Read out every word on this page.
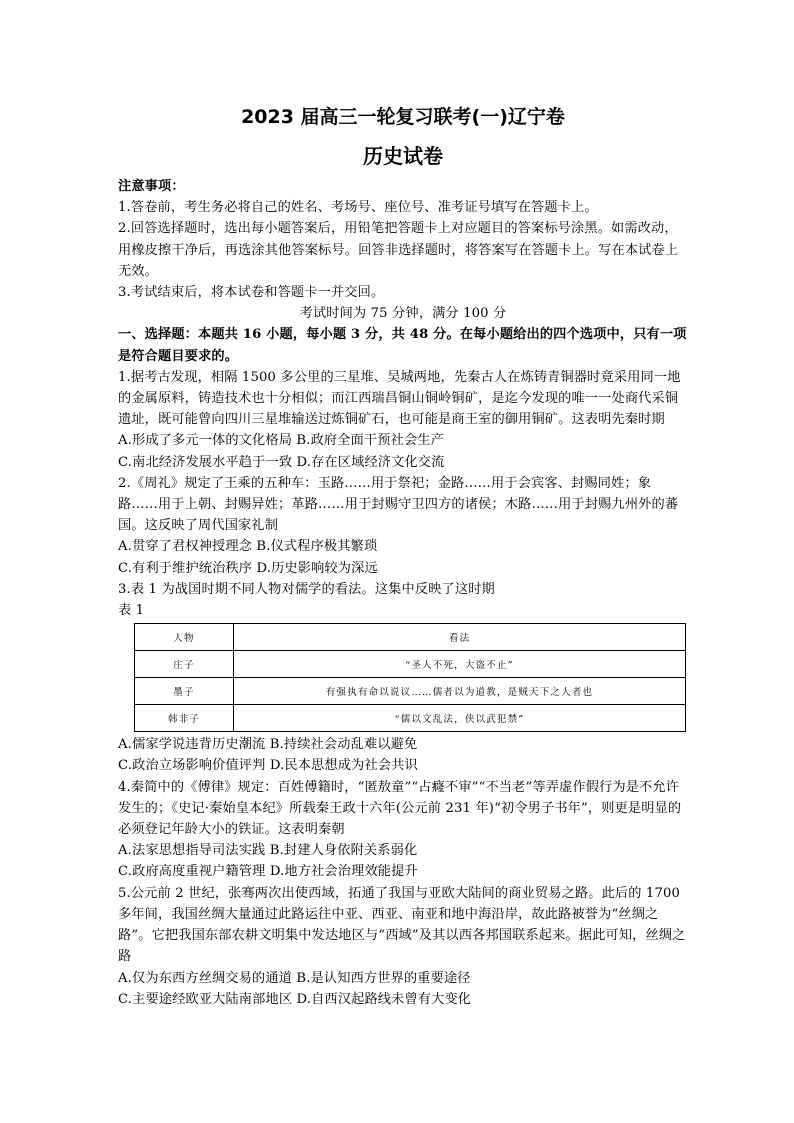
2023 届高三一轮复习联考(一)辽宁卷
历史试卷

注意事项：

1.答卷前，考生务必将自己的姓名、考场号、座位号、准考证号填写在答题卡上。

2.回答选择题时，选出每小题答案后，用铅笔把答题卡上对应题目的答案标号涂黑。如需改动，用橡皮擦干净后，再选涂其他答案标号。回答非选择题时，将答案写在答题卡上。写在本试卷上无效。

3.考试结束后，将本试卷和答题卡一并交回。

考试时间为 75 分钟，满分 100 分

一、选择题：本题共 16 小题，每小题 3 分，共 48 分。在每小题给出的四个选项中，只有一项是符合题目要求的。

1.据考古发现，相隔 1500 多公里的三星堆、吴城两地，先秦古人在炼铸青铜器时竟采用同一地的金属原料，铸造技术也十分相似；而江西瑞昌铜山铜岭铜矿，是迄今发现的唯一一处商代采铜遗址，既可能曾向四川三星堆输送过炼铜矿石，也可能是商王室的御用铜矿。这表明先秦时期

A.形成了多元一体的文化格局 B.政府全面干预社会生产

C.南北经济发展水平趋于一致 D.存在区域经济文化交流

2.《周礼》规定了王乘的五种车：玉路……用于祭祀；金路……用于会宾客、封赐同姓；象路……用于上朝、封赐异姓；革路……用于封赐守卫四方的诸侯；木路……用于封赐九州外的蕃国。这反映了周代国家礼制

A.贯穿了君权神授理念 B.仪式程序极其繁琐

C.有利于维护统治秩序 D.历史影响较为深远

3.表 1 为战国时期不同人物对儒学的看法。这集中反映了这时期

表 1

人物	看法
庄子	“圣人不死，大盗不止”
墨子	有强执有命以说议……儒者以为道教，是贼天下之人者也
韩非子	“儒以文乱法，侠以武犯禁”

A.儒家学说违背历史潮流 B.持续社会动乱难以避免

C.政治立场影响价值评判 D.民本思想成为社会共识

4.秦简中的《傅律》规定：百姓傅籍时，“匿敖童”“占癃不审”“不当老”等弄虚作假行为是不允许发生的；《史记·秦始皇本纪》所载秦王政十六年(公元前 231 年)“初令男子书年”，则更是明显的必须登记年龄大小的铁证。这表明秦朝

A.法家思想指导司法实践 B.封建人身依附关系弱化

C.政府高度重视户籍管理 D.地方社会治理效能提升

5.公元前 2 世纪，张骞两次出使西域，拓通了我国与亚欧大陆间的商业贸易之路。此后的 1700 多年间，我国丝绸大量通过此路运往中亚、西亚、南亚和地中海沿岸，故此路被誉为“丝绸之路”。它把我国东部农耕文明集中发达地区与“西域”及其以西各邦国联系起来。据此可知，丝绸之路

A.仅为东西方丝绸交易的通道 B.是认知西方世界的重要途径

C.主要途经欧亚大陆南部地区 D.自西汉起路线未曾有大变化
